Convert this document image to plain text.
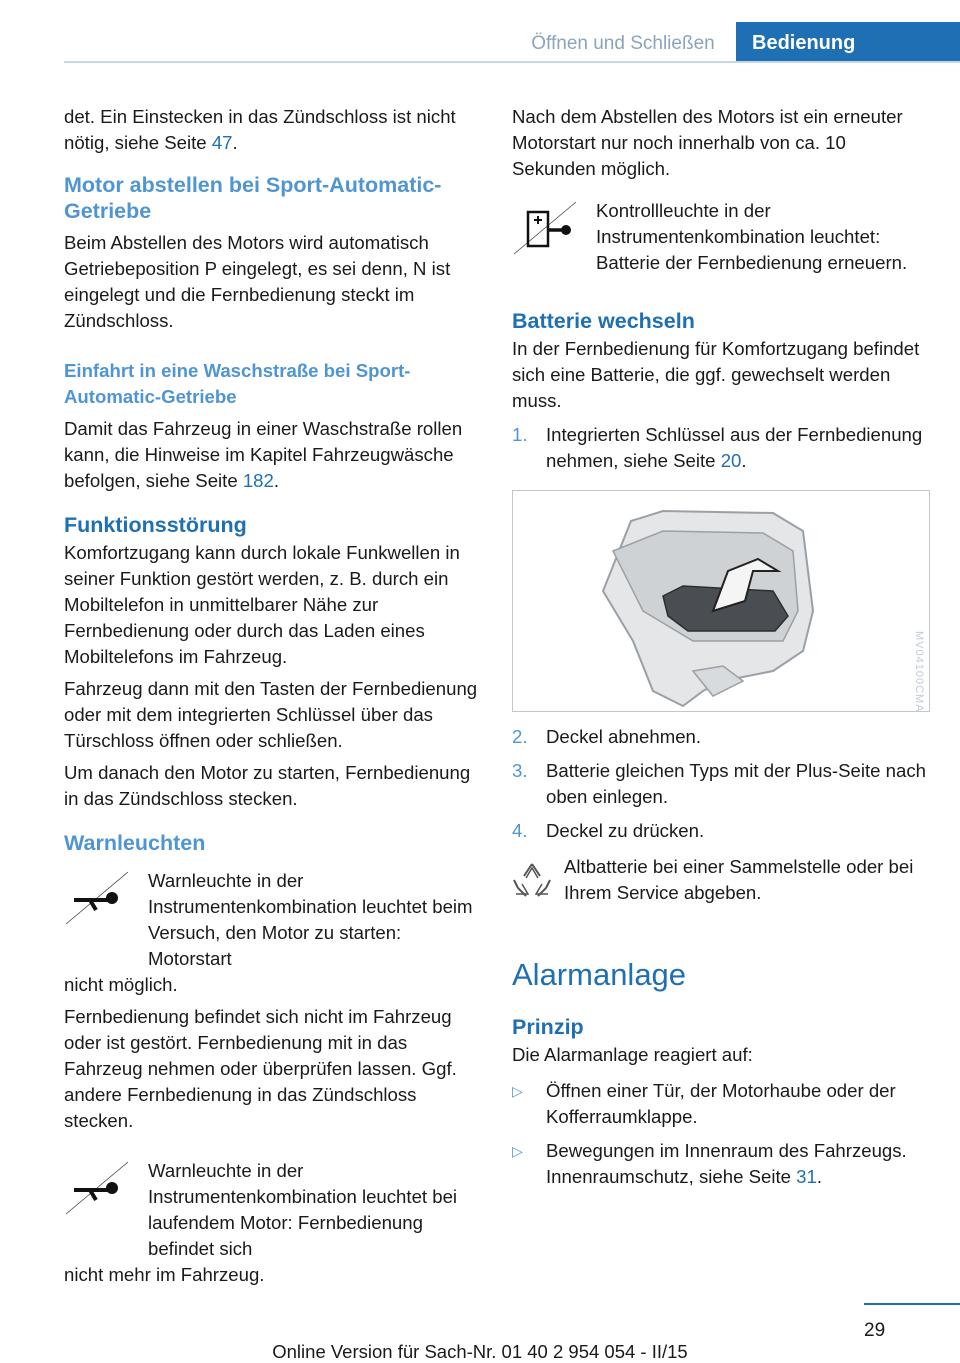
Öffnen und Schließen	Bedienung

det. Ein Einstecken in das Zündschloss ist nicht nötig, siehe Seite 47.

Motor abstellen bei Sport-Automatic-Getriebe

Beim Abstellen des Motors wird automatisch Getriebeposition P eingelegt, es sei denn, N ist eingelegt und die Fernbedienung steckt im Zündschloss.

Einfahrt in eine Waschstraße bei Sport-Automatic-Getriebe

Damit das Fahrzeug in einer Waschstraße rollen kann, die Hinweise im Kapitel Fahrzeugwäsche befolgen, siehe Seite 182.

Funktionsstörung

Komfortzugang kann durch lokale Funkwellen in seiner Funktion gestört werden, z. B. durch ein Mobiltelefon in unmittelbarer Nähe zur Fernbedienung oder durch das Laden eines Mobiltelefons im Fahrzeug.

Fahrzeug dann mit den Tasten der Fernbedienung oder mit dem integrierten Schlüssel über das Türschloss öffnen oder schließen.

Um danach den Motor zu starten, Fernbedienung in das Zündschloss stecken.

Warnleuchten

Warnleuchte in der Instrumentenkombination leuchtet beim Versuch, den Motor zu starten: Motorstart

nicht möglich.

Fernbedienung befindet sich nicht im Fahrzeug oder ist gestört. Fernbedienung mit in das Fahrzeug nehmen oder überprüfen lassen. Ggf. andere Fernbedienung in das Zündschloss stecken.

Warnleuchte in der Instrumentenkombination leuchtet bei laufendem Motor: Fernbedienung befindet sich

nicht mehr im Fahrzeug.

Nach dem Abstellen des Motors ist ein erneuter Motorstart nur noch innerhalb von ca. 10 Sekunden möglich.

Kontrollleuchte in der Instrumentenkombination leuchtet: Batterie der Fernbedienung erneuern.

Batterie wechseln

In der Fernbedienung für Komfortzugang befindet sich eine Batterie, die ggf. gewechselt werden muss.

1. Integrierten Schlüssel aus der Fernbedienung nehmen, siehe Seite 20.
MV04100CMA
2. Deckel abnehmen.
3. Batterie gleichen Typs mit der Plus-Seite nach oben einlegen.
4. Deckel zu drücken.

Altbatterie bei einer Sammelstelle oder bei Ihrem Service abgeben.

Alarmanlage
Prinzip

Die Alarmanlage reagiert auf:

▷ Öffnen einer Tür, der Motorhaube oder der Kofferraumklappe.
▷ Bewegungen im Innenraum des Fahrzeugs. Innenraumschutz, siehe Seite 31.
29
Online Version für Sach-Nr. 01 40 2 954 054 - II/15
